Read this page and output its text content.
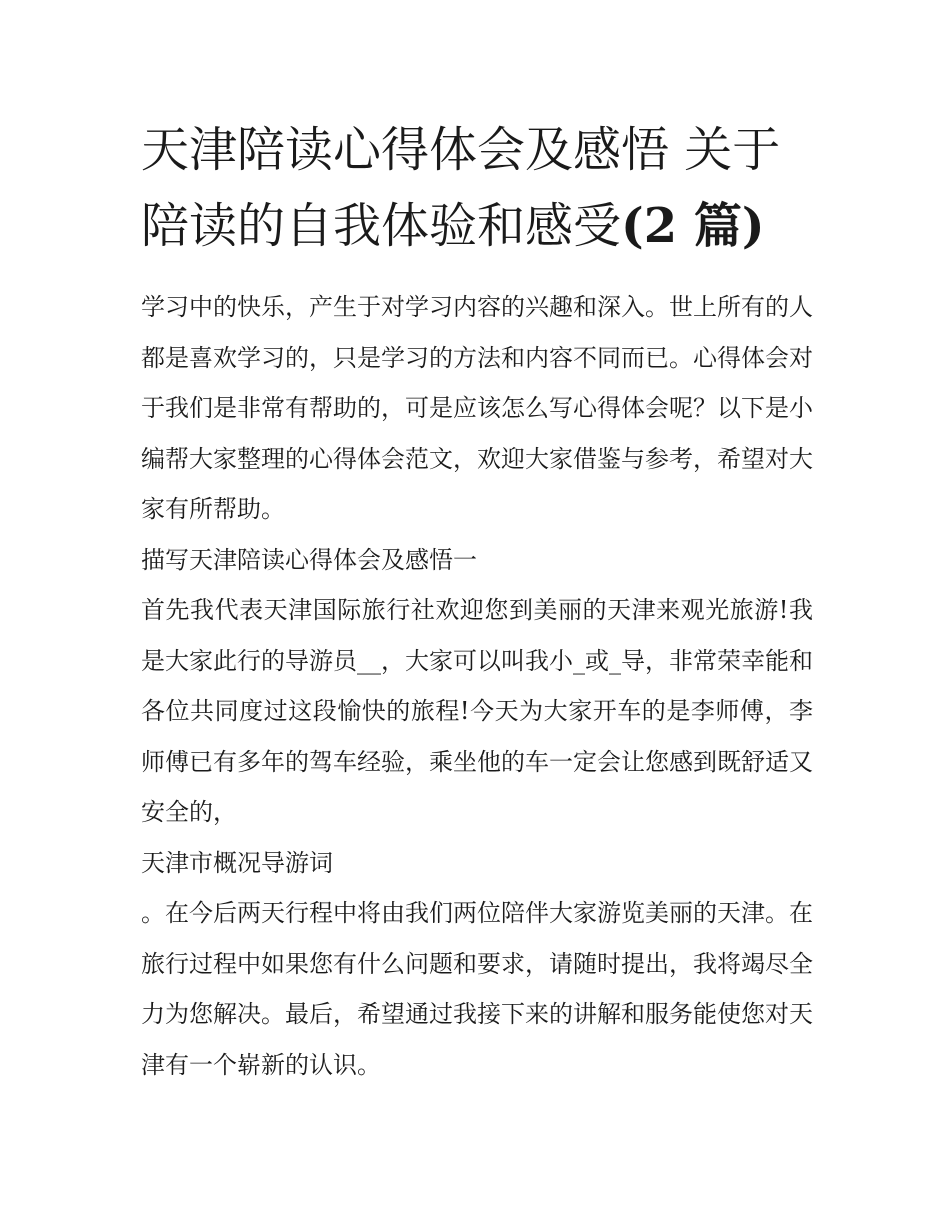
天津陪读心得体会及感悟 关于陪读的自我体验和感受(2 篇)

学习中的快乐，产生于对学习内容的兴趣和深入。世上所有的人都是喜欢学习的，只是学习的方法和内容不同而已。心得体会对于我们是非常有帮助的，可是应该怎么写心得体会呢？以下是小编帮大家整理的心得体会范文，欢迎大家借鉴与参考，希望对大家有所帮助。

描写天津陪读心得体会及感悟一

首先我代表天津国际旅行社欢迎您到美丽的天津来观光旅游!我是大家此行的导游员__，大家可以叫我小_或_导，非常荣幸能和各位共同度过这段愉快的旅程!今天为大家开车的是李师傅，李师傅已有多年的驾车经验，乘坐他的车一定会让您感到既舒适又安全的，

天津市概况导游词

。在今后两天行程中将由我们两位陪伴大家游览美丽的天津。在旅行过程中如果您有什么问题和要求，请随时提出，我将竭尽全力为您解决。最后，希望通过我接下来的讲解和服务能使您对天津有一个崭新的认识。
